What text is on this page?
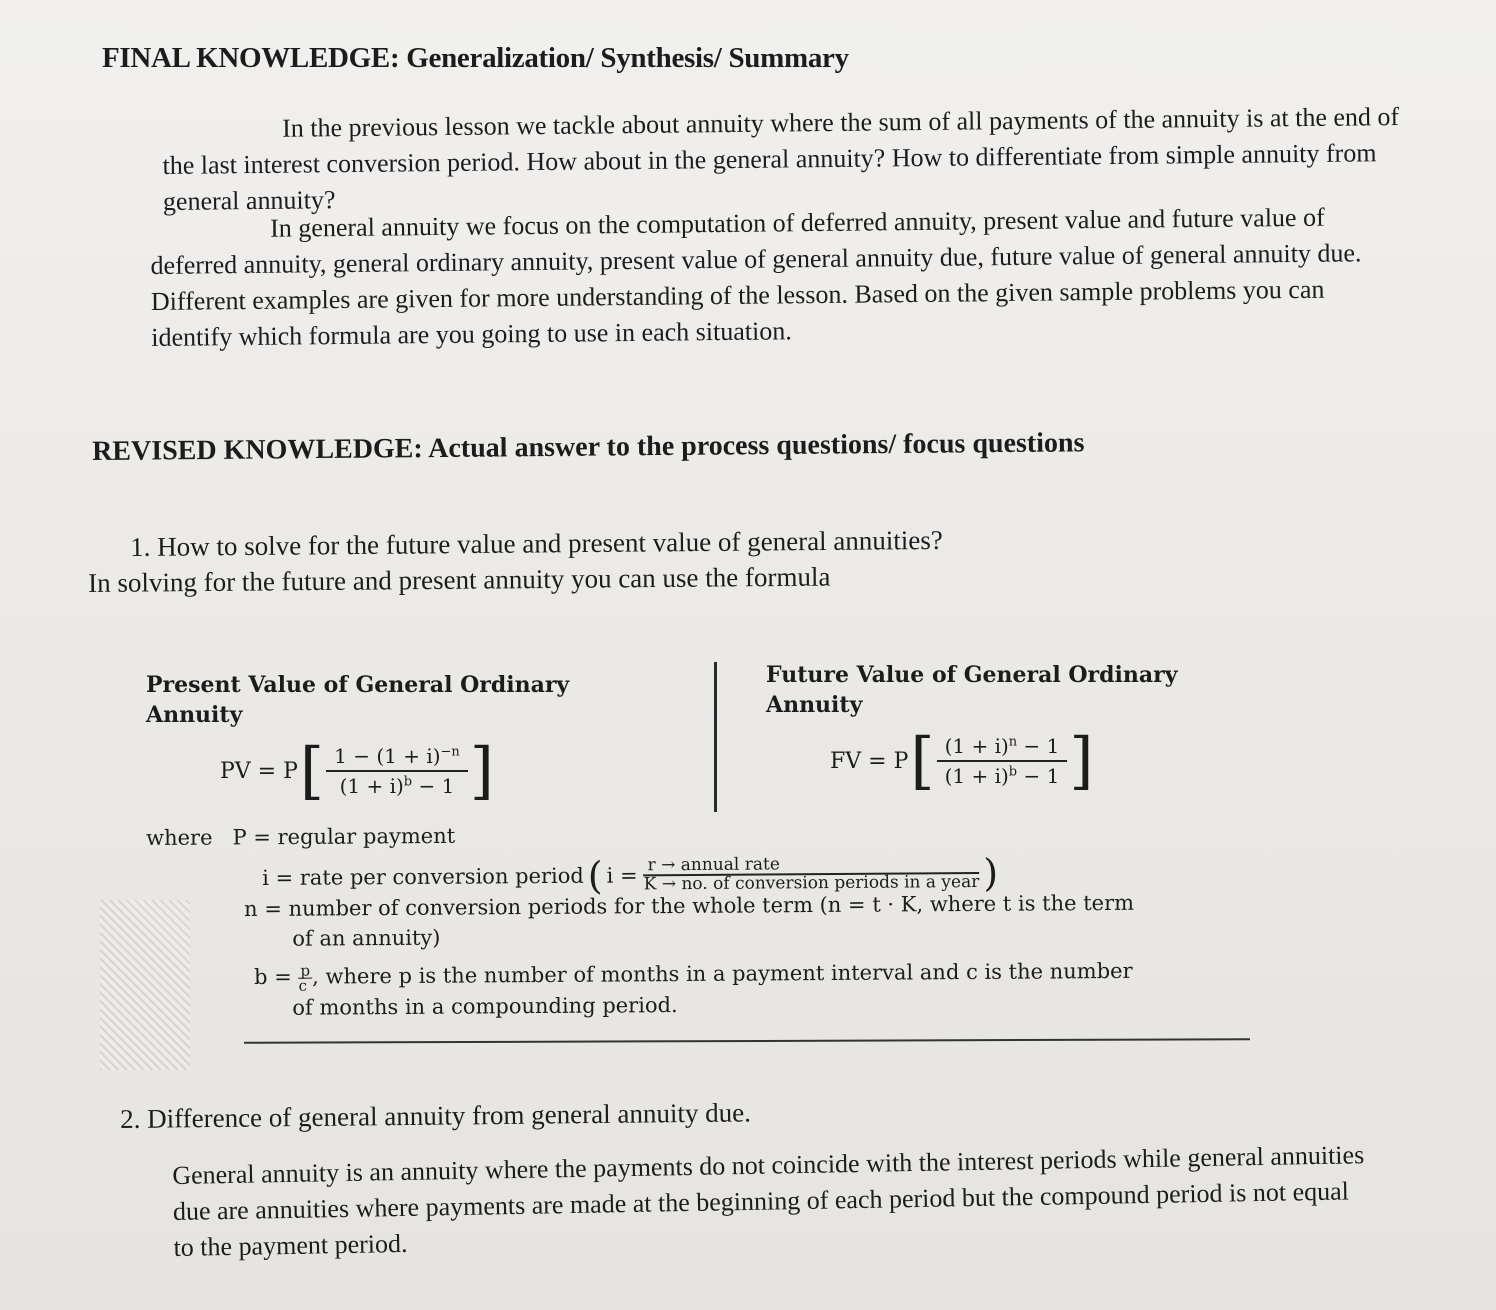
FINAL KNOWLEDGE: Generalization/ Synthesis/ Summary
In the previous lesson we tackle about annuity where the sum of all payments of the annuity is at the end of the last interest conversion period. How about in the general annuity? How to differentiate from simple annuity from general annuity?
In general annuity we focus on the computation of deferred annuity, present value and future value of deferred annuity, general ordinary annuity, present value of general annuity due, future value of general annuity due. Different examples are given for more understanding of the lesson. Based on the given sample problems you can identify which formula are you going to use in each situation.
REVISED KNOWLEDGE: Actual answer to the process questions/ focus questions
1. How to solve for the future value and present value of general annuities?
In solving for the future and present annuity you can use the formula
Present Value of General Ordinary Annuity
PV = P [ $\frac{1 - (1 + i)^{-n}}{(1 + i)^b - 1}$ ]
Future Value of General Ordinary Annuity
FV = P [ $\frac{(1 + i)^n - 1}{(1 + i)^b - 1}$ ]
where P = regular payment
i = rate per conversion period ( i = r → annual rate
K → no. of conversion periods in a year )
n = number of conversion periods for the whole term (n = t · K, where t is the term
of an annuity)
$b = \frac{p}{c}$ , where p is the number of months in a payment interval and c is the number
of months in a compounding period.
2. Difference of general annuity from general annuity due.
General annuity is an annuity where the payments do not coincide with the interest periods while general annuities due are annuities where payments are made at the beginning of each period but the compound period is not equal to the payment period.
